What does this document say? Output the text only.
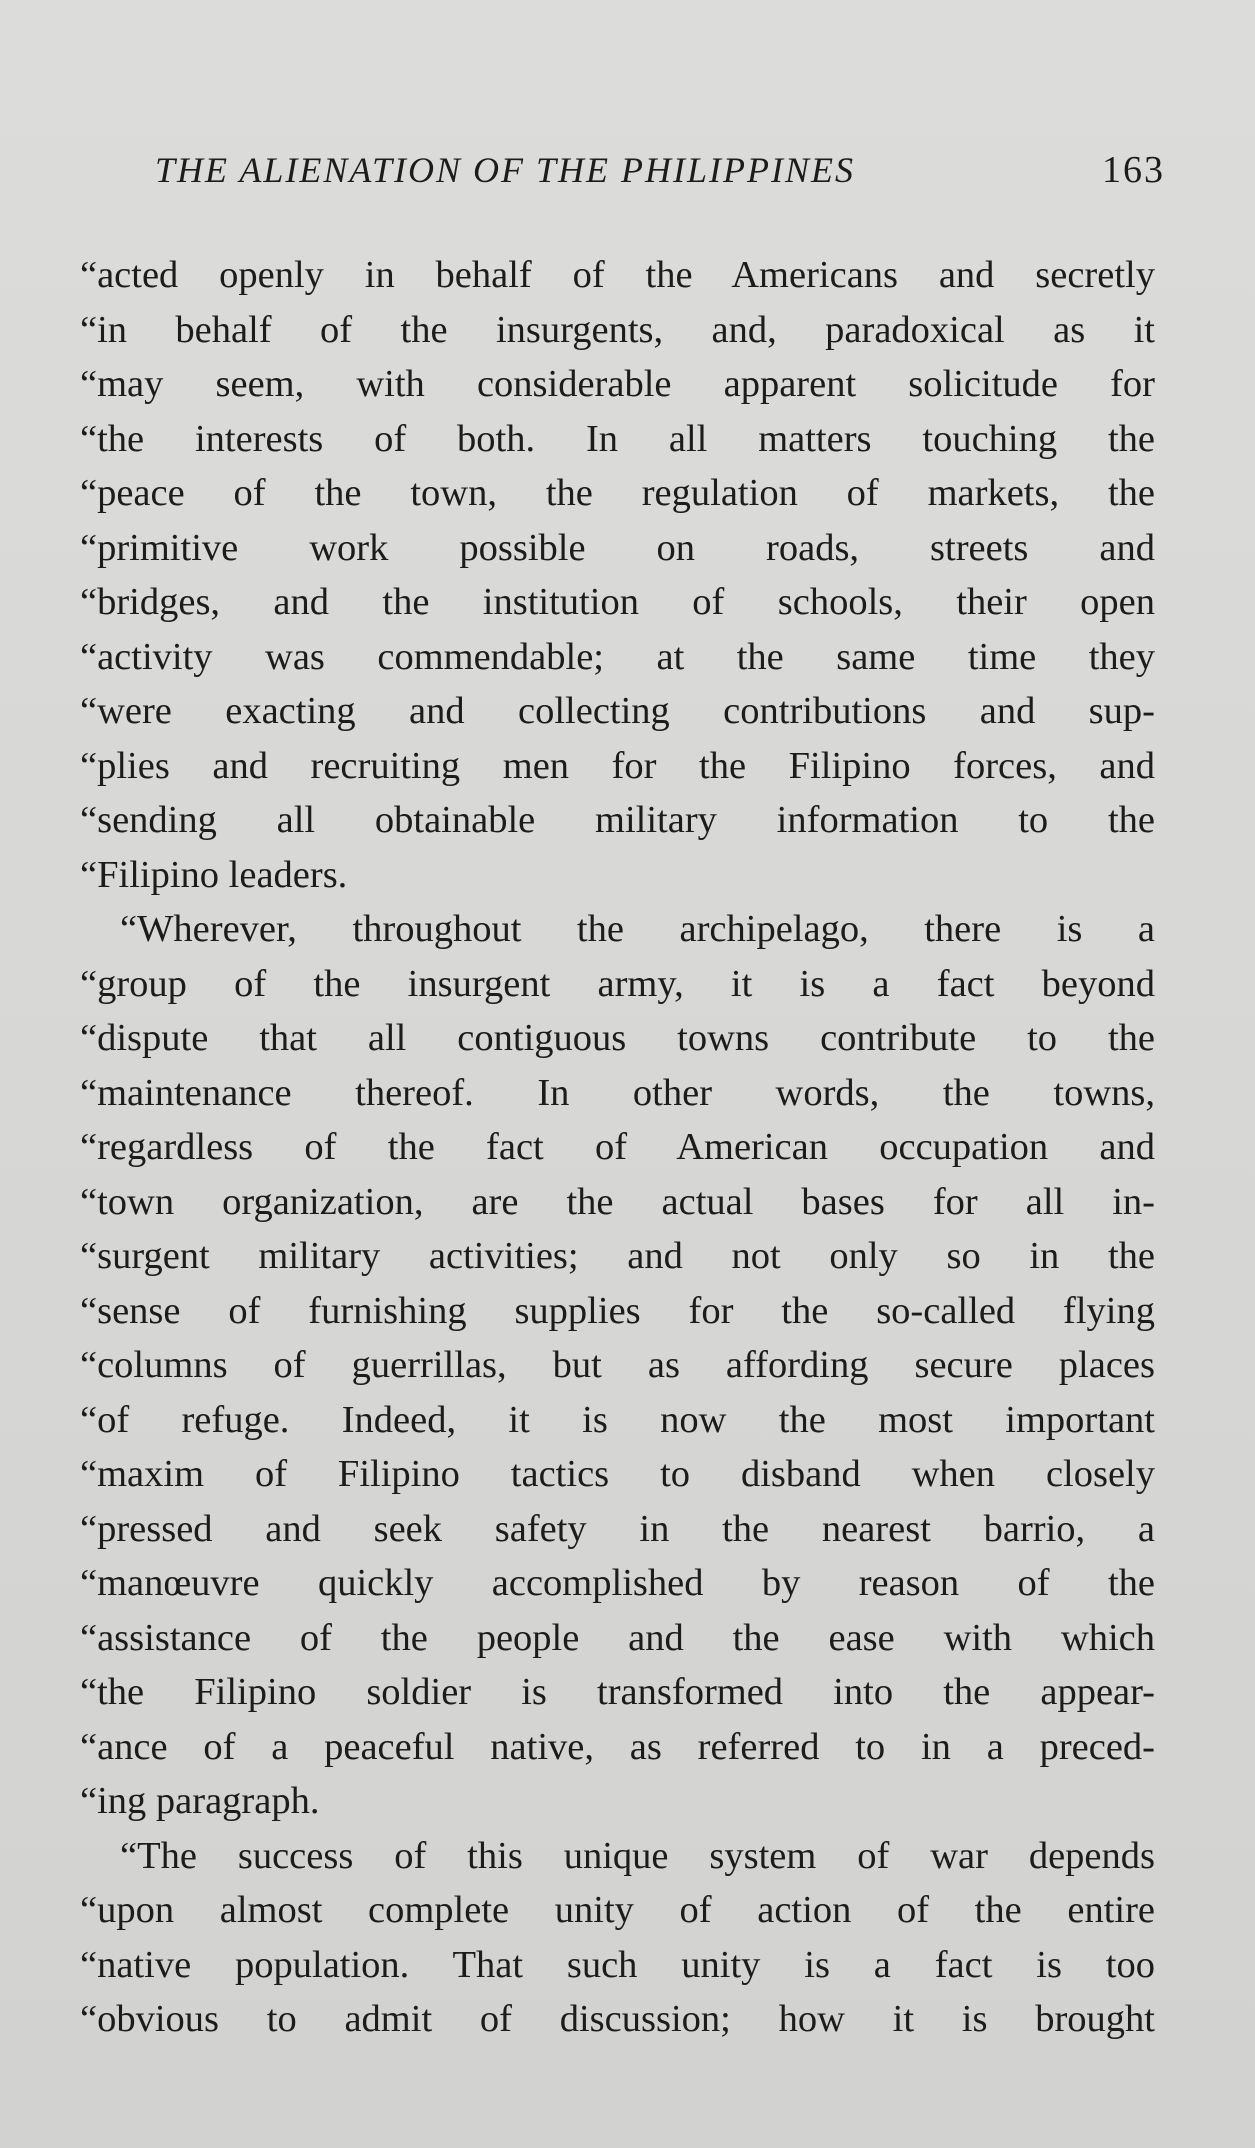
THE ALIENATION OF THE PHILIPPINES	163
“acted openly in behalf of the Americans and secretly
“in behalf of the insurgents, and, paradoxical as it
“may seem, with considerable apparent solicitude for
“the interests of both. In all matters touching the
“peace of the town, the regulation of markets, the
“primitive work possible on roads, streets and
“bridges, and the institution of schools, their open
“activity was commendable; at the same time they
“were exacting and collecting contributions and sup-
“plies and recruiting men for the Filipino forces, and
“sending all obtainable military information to the
“Filipino leaders.
“Wherever, throughout the archipelago, there is a
“group of the insurgent army, it is a fact beyond
“dispute that all contiguous towns contribute to the
“maintenance thereof. In other words, the towns,
“regardless of the fact of American occupation and
“town organization, are the actual bases for all in-
“surgent military activities; and not only so in the
“sense of furnishing supplies for the so-called flying
“columns of guerrillas, but as affording secure places
“of refuge. Indeed, it is now the most important
“maxim of Filipino tactics to disband when closely
“pressed and seek safety in the nearest barrio, a
“manœuvre quickly accomplished by reason of the
“assistance of the people and the ease with which
“the Filipino soldier is transformed into the appear-
“ance of a peaceful native, as referred to in a preced-
“ing paragraph.
“The success of this unique system of war depends
“upon almost complete unity of action of the entire
“native population. That such unity is a fact is too
“obvious to admit of discussion; how it is brought
